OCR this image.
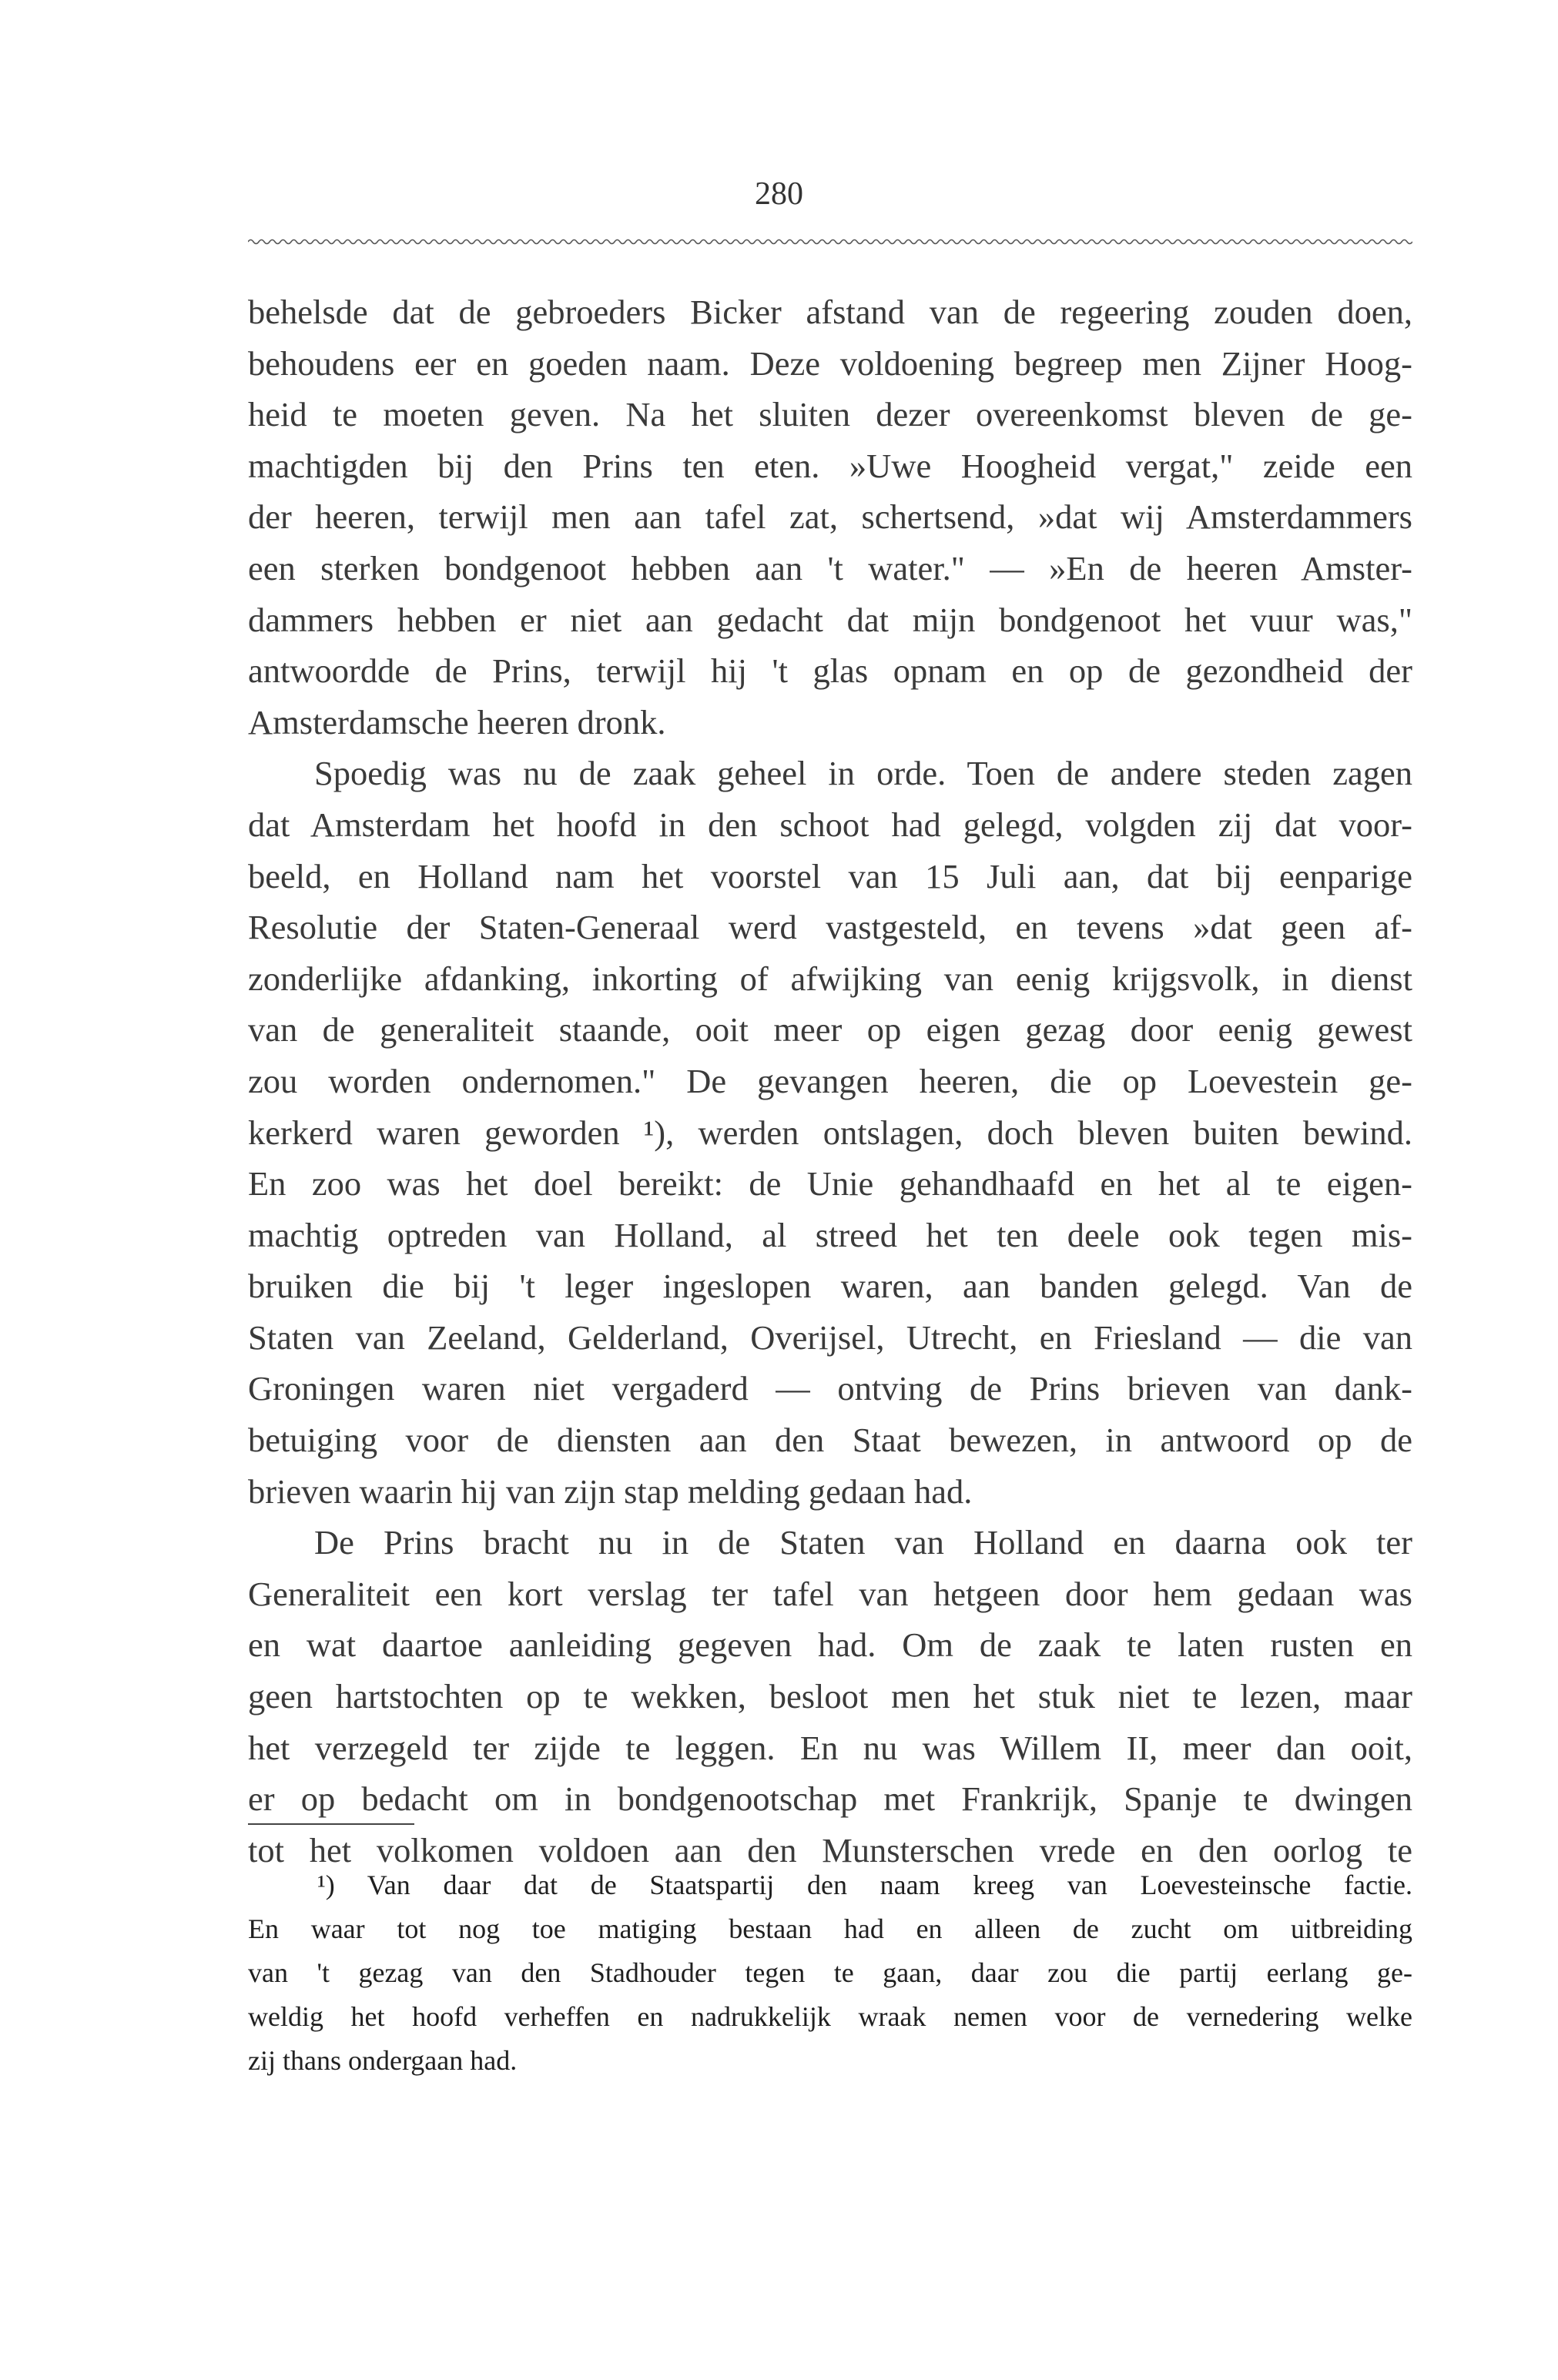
280
behelsde dat de gebroeders Bicker afstand van de regeering zouden doen,
behoudens eer en goeden naam. Deze voldoening begreep men Zijner Hoog-
heid te moeten geven. Na het sluiten dezer overeenkomst bleven de ge-
machtigden bij den Prins ten eten. »Uwe Hoogheid vergat," zeide een
der heeren, terwijl men aan tafel zat, schertsend, »dat wij Amsterdammers
een sterken bondgenoot hebben aan 't water." — »En de heeren Amster-
dammers hebben er niet aan gedacht dat mijn bondgenoot het vuur was,"
antwoordde de Prins, terwijl hij 't glas opnam en op de gezondheid der
Amsterdamsche heeren dronk.
Spoedig was nu de zaak geheel in orde. Toen de andere steden zagen
dat Amsterdam het hoofd in den schoot had gelegd, volgden zij dat voor-
beeld, en Holland nam het voorstel van 15 Juli aan, dat bij eenparige
Resolutie der Staten-Generaal werd vastgesteld, en tevens »dat geen af-
zonderlijke afdanking, inkorting of afwijking van eenig krijgsvolk, in dienst
van de generaliteit staande, ooit meer op eigen gezag door eenig gewest
zou worden ondernomen." De gevangen heeren, die op Loevestein ge-
kerkerd waren geworden ¹), werden ontslagen, doch bleven buiten bewind.
En zoo was het doel bereikt: de Unie gehandhaafd en het al te eigen-
machtig optreden van Holland, al streed het ten deele ook tegen mis-
bruiken die bij 't leger ingeslopen waren, aan banden gelegd. Van de
Staten van Zeeland, Gelderland, Overijsel, Utrecht, en Friesland — die van
Groningen waren niet vergaderd — ontving de Prins brieven van dank-
betuiging voor de diensten aan den Staat bewezen, in antwoord op de
brieven waarin hij van zijn stap melding gedaan had.
De Prins bracht nu in de Staten van Holland en daarna ook ter
Generaliteit een kort verslag ter tafel van hetgeen door hem gedaan was
en wat daartoe aanleiding gegeven had. Om de zaak te laten rusten en
geen hartstochten op te wekken, besloot men het stuk niet te lezen, maar
het verzegeld ter zijde te leggen. En nu was Willem II, meer dan ooit,
er op bedacht om in bondgenootschap met Frankrijk, Spanje te dwingen
tot het volkomen voldoen aan den Munsterschen vrede en den oorlog te
¹) Van daar dat de Staatspartij den naam kreeg van Loevesteinsche factie.
En waar tot nog toe matiging bestaan had en alleen de zucht om uitbreiding
van 't gezag van den Stadhouder tegen te gaan, daar zou die partij eerlang ge-
weldig het hoofd verheffen en nadrukkelijk wraak nemen voor de vernedering welke
zij thans ondergaan had.
